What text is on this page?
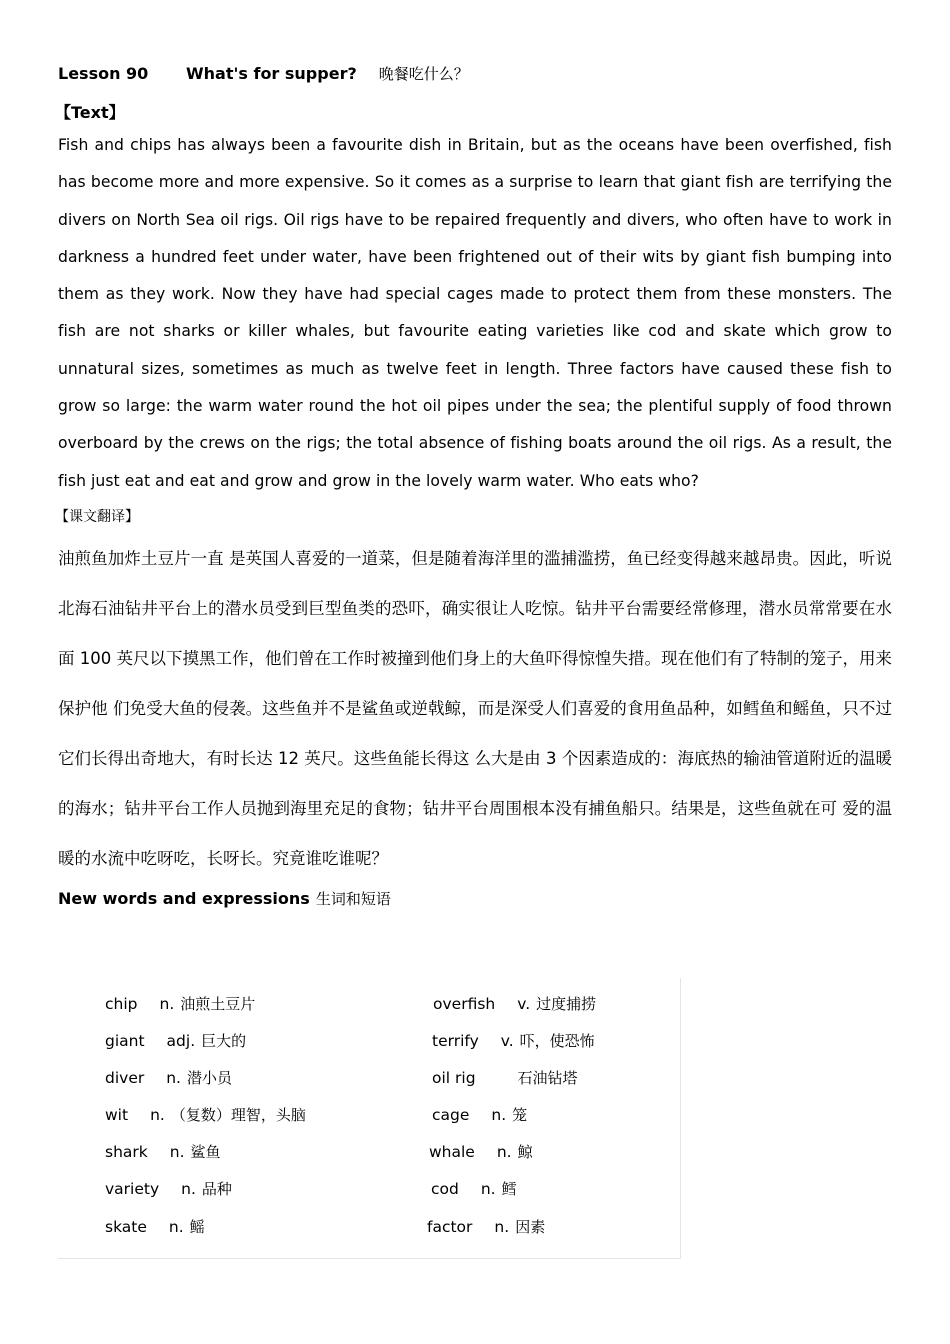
Lesson 90 What's for supper? 晚餐吃什么？
【Text】
Fish and chips has always been a favourite dish in Britain, but as the oceans have been overfished, fish has become more and more expensive. So it comes as a surprise to learn that giant fish are terrifying the divers on North Sea oil rigs. Oil rigs have to be repaired frequently and divers, who often have to work in darkness a hundred feet under water, have been frightened out of their wits by giant fish bumping into them as they work. Now they have had special cages made to protect them from these monsters. The fish are not sharks or killer whales, but favourite eating varieties like cod and skate which grow to unnatural sizes, sometimes as much as twelve feet in length. Three factors have caused these fish to grow so large: the warm water round the hot oil pipes under the sea; the plentiful supply of food thrown overboard by the crews on the rigs; the total absence of fishing boats around the oil rigs. As a result, the fish just eat and eat and grow and grow in the lovely warm water. Who eats who?
【课文翻译】
油煎鱼加炸土豆片一直 是英国人喜爱的一道菜，但是随着海洋里的滥捕滥捞，鱼已经变得越来越昂贵。因此，听说北海石油钻井平台上的潜水员受到巨型鱼类的恐吓，确实很让人吃惊。钻井平台需要经常修理，潜水员常常要在水面 100 英尺以下摸黑工作，他们曾在工作时被撞到他们身上的大鱼吓得惊惶失措。现在他们有了特制的笼子，用来保护他 们免受大鱼的侵袭。这些鱼并不是鲨鱼或逆戟鲸，而是深受人们喜爱的食用鱼品种，如鳕鱼和鳐鱼，只不过它们长得出奇地大，有时长达 12 英尺。这些鱼能长得这 么大是由 3 个因素造成的：海底热的输油管道附近的温暖的海水；钻井平台工作人员抛到海里充足的食物；钻井平台周围根本没有捕鱼船只。结果是，这些鱼就在可 爱的温暖的水流中吃呀吃，长呀长。究竟谁吃谁呢？
New words and expressions 生词和短语
chip n. 油煎土豆片	overfish v. 过度捕捞
giant adj. 巨大的	terrify v. 吓，使恐怖
diver n. 潜小员	oil rig	石油钻塔
wit n. （复数）理智，头脑	cage n. 笼
shark n. 鲨鱼	whale n. 鲸
variety n. 品种	cod n. 鳕
skate n. 鳐	factor n. 因素
